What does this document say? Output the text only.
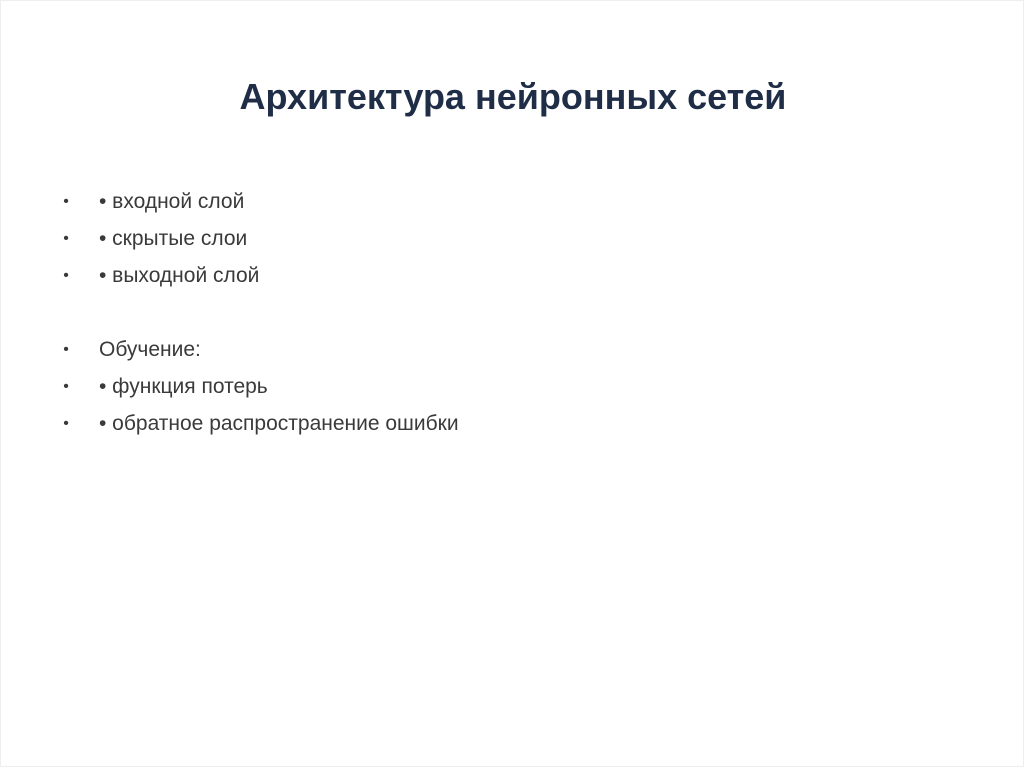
Архитектура нейронных сетей
• • входной слой
• • скрытые слои
• • выходной слой
• Обучение:
• • функция потерь
• • обратное распространение ошибки
